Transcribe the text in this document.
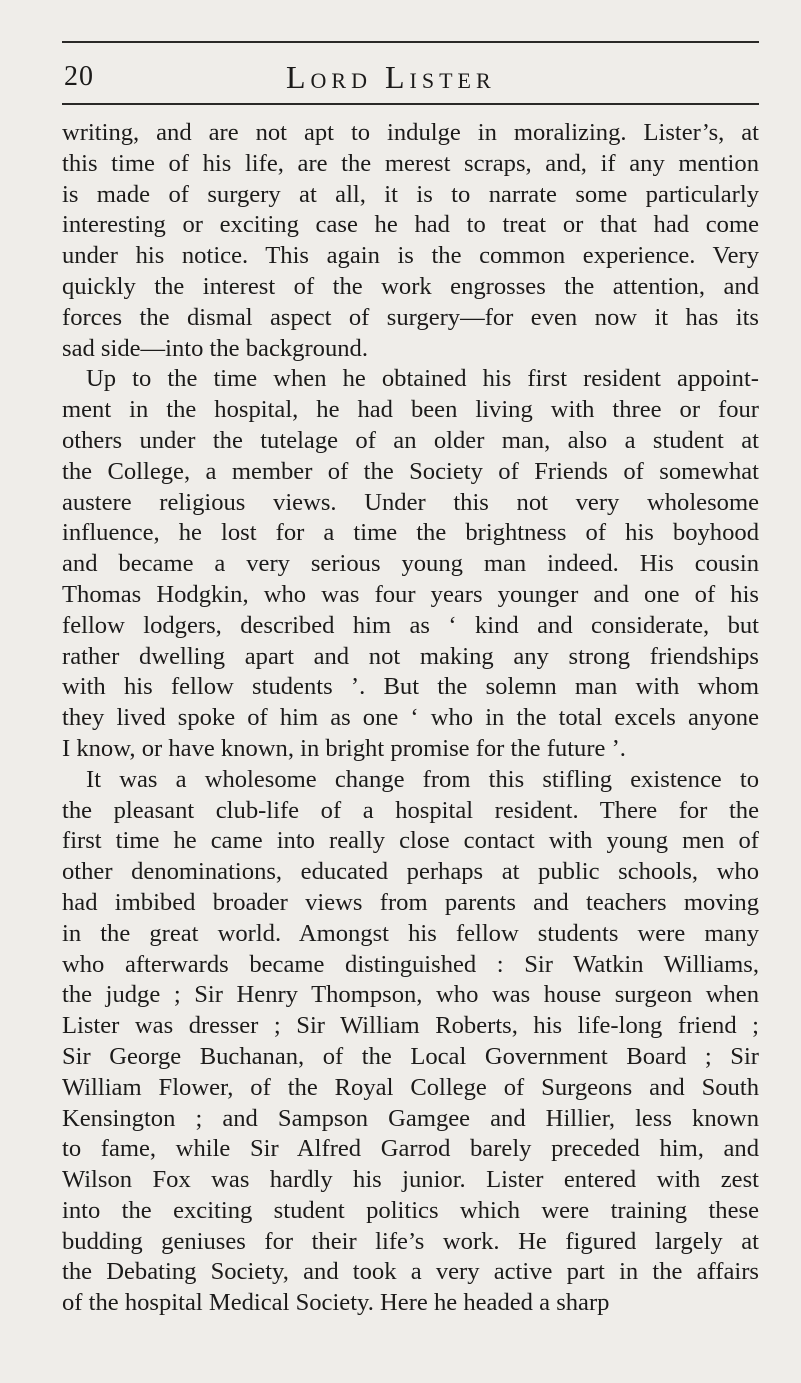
20	Lord Lister
writing, and are not apt to indulge in moralizing. Lister’s, at
this time of his life, are the merest scraps, and, if any mention
is made of surgery at all, it is to narrate some particularly
interesting or exciting case he had to treat or that had come
under his notice. This again is the common experience. Very
quickly the interest of the work engrosses the attention, and
forces the dismal aspect of surgery—for even now it has its
sad side—into the background.
Up to the time when he obtained his first resident appoint-
ment in the hospital, he had been living with three or four
others under the tutelage of an older man, also a student at
the College, a member of the Society of Friends of somewhat
austere religious views. Under this not very wholesome
influence, he lost for a time the brightness of his boyhood
and became a very serious young man indeed. His cousin
Thomas Hodgkin, who was four years younger and one of his
fellow lodgers, described him as ‘ kind and considerate, but
rather dwelling apart and not making any strong friendships
with his fellow students ’. But the solemn man with whom
they lived spoke of him as one ‘ who in the total excels anyone
I know, or have known, in bright promise for the future ’.
It was a wholesome change from this stifling existence to
the pleasant club-life of a hospital resident. There for the
first time he came into really close contact with young men of
other denominations, educated perhaps at public schools, who
had imbibed broader views from parents and teachers moving
in the great world. Amongst his fellow students were many
who afterwards became distinguished : Sir Watkin Williams,
the judge ; Sir Henry Thompson, who was house surgeon when
Lister was dresser ; Sir William Roberts, his life-long friend ;
Sir George Buchanan, of the Local Government Board ; Sir
William Flower, of the Royal College of Surgeons and South
Kensington ; and Sampson Gamgee and Hillier, less known
to fame, while Sir Alfred Garrod barely preceded him, and
Wilson Fox was hardly his junior. Lister entered with zest
into the exciting student politics which were training these
budding geniuses for their life’s work. He figured largely at
the Debating Society, and took a very active part in the affairs
of the hospital Medical Society. Here he headed a sharp
